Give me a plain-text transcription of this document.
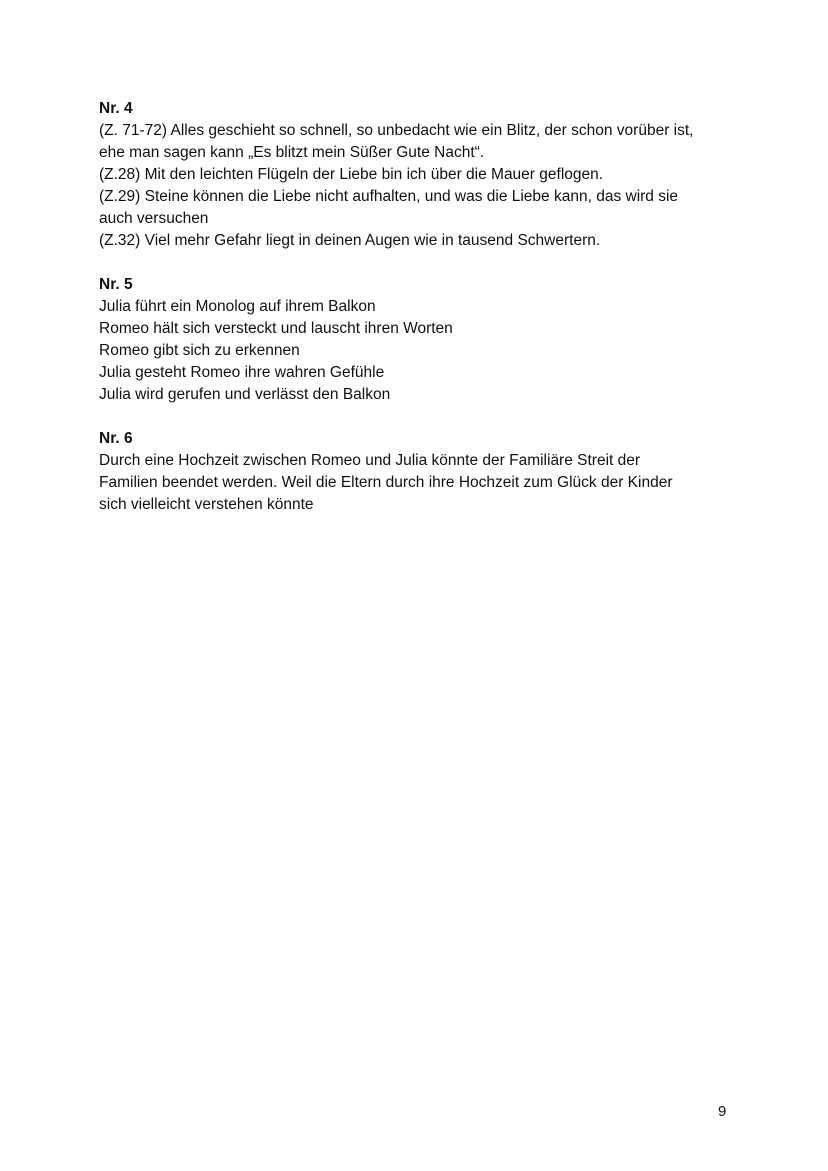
Nr. 4

(Z. 71-72) Alles geschieht so schnell, so unbedacht wie ein Blitz, der schon vorüber ist,

ehe man sagen kann „Es blitzt mein Süßer Gute Nacht“.

(Z.28) Mit den leichten Flügeln der Liebe bin ich über die Mauer geflogen.

(Z.29) Steine können die Liebe nicht aufhalten, und was die Liebe kann, das wird sie

auch versuchen

(Z.32) Viel mehr Gefahr liegt in deinen Augen wie in tausend Schwertern.

Nr. 5

Julia führt ein Monolog auf ihrem Balkon

Romeo hält sich versteckt und lauscht ihren Worten

Romeo gibt sich zu erkennen

Julia gesteht Romeo ihre wahren Gefühle

Julia wird gerufen und verlässt den Balkon

Nr. 6

Durch eine Hochzeit zwischen Romeo und Julia könnte der Familiäre Streit der

Familien beendet werden. Weil die Eltern durch ihre Hochzeit zum Glück der Kinder

sich vielleicht verstehen könnte

9
